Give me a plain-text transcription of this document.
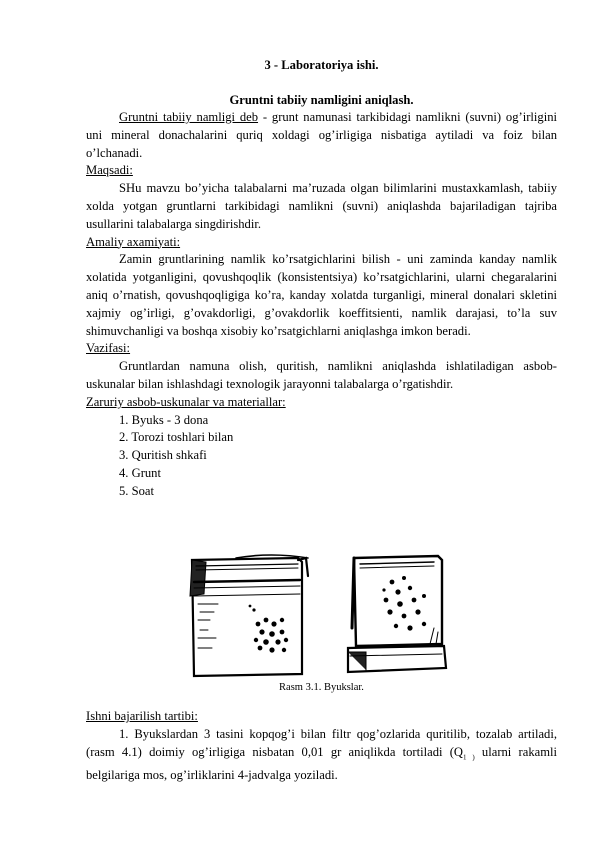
3 - Laboratoriya ishi.
Gruntni tabiiy namligini aniqlash.

Gruntni tabiiy namligi deb - grunt namunasi tarkibidagi namlikni (suvni) og’irligini uni mineral donachalarini quriq xoldagi og’irligiga nisbatiga aytiladi va foiz bilan o’lchanadi.

Maqsadi:

SHu mavzu bo’yicha talabalarni ma’ruzada olgan bilimlarini mustaxkamlash, tabiiy xolda yotgan gruntlarni tarkibidagi namlikni (suvni) aniqlashda bajariladigan tajriba usullarini talabalarga singdirishdir.

Amaliy axamiyati:

Zamin gruntlarining namlik ko’rsatgichlarini bilish - uni zaminda kanday namlik xolatida yotganligini, qovushqoqlik (konsistentsiya) ko’rsatgichlarini, ularni chegaralarini aniq o’rnatish, qovushqoqligiga ko’ra, kanday xolatda turganligi, mineral donalari skletini xajmiy og’irligi, g’ovakdorligi, g’ovakdorlik koeffitsienti, namlik darajasi, to’la suv shimuvchanligi va boshqa xisobiy ko’rsatgichlarni aniqlashga imkon beradi.

Vazifasi:

Gruntlardan namuna olish, quritish, namlikni aniqlashda ishlatiladigan asbob-uskunalar bilan ishlashdagi texnologik jarayonni talabalarga o’rgatishdir.

Zaruriy asbob-uskunalar va materiallar:

1. Byuks - 3 dona
2. Torozi toshlari bilan
3. Quritish shkafi
4. Grunt
5. Soat
Rasm 3.1. Byukslar.

Ishni bajarilish tartibi:

1. Byukslardan 3 tasini kopqog’i bilan filtr qog’ozlarida quritilib, tozalab artiladi, (rasm 4.1) doimiy og’irligiga nisbatan 0,01 gr aniqlikda tortiladi ($Q_{1 )}$ ularni rakamli belgilariga mos, og’irliklarini 4-jadvalga yoziladi.
